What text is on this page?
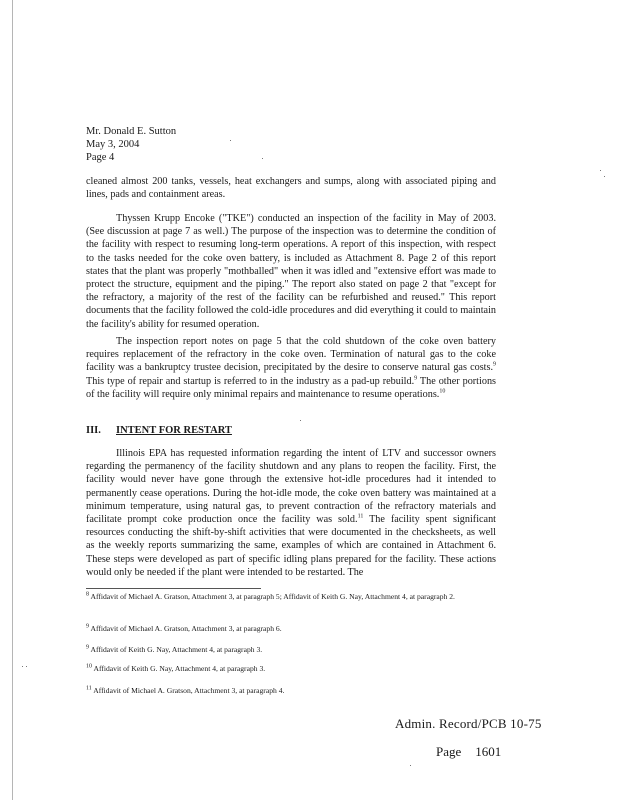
Mr. Donald E. Sutton
May 3, 2004
Page 4
cleaned almost 200 tanks, vessels, heat exchangers and sumps, along with associated piping and lines, pads and containment areas.
Thyssen Krupp Encoke ("TKE") conducted an inspection of the facility in May of 2003. (See discussion at page 7 as well.) The purpose of the inspection was to determine the condition of the facility with respect to resuming long-term operations. A report of this inspection, with respect to the tasks needed for the coke oven battery, is included as Attachment 8. Page 2 of this report states that the plant was properly "mothballed" when it was idled and "extensive effort was made to protect the structure, equipment and the piping." The report also stated on page 2 that "except for the refractory, a majority of the rest of the facility can be refurbished and reused." This report documents that the facility followed the cold-idle procedures and did everything it could to maintain the facility's ability for resumed operation.
The inspection report notes on page 5 that the cold shutdown of the coke oven battery requires replacement of the refractory in the coke oven. Termination of natural gas to the coke facility was a bankruptcy trustee decision, precipitated by the desire to conserve natural gas costs.$^9$ This type of repair and startup is referred to in the industry as a pad-up rebuild.$^9$ The other portions of the facility will require only minimal repairs and maintenance to resume operations.$^{10}$
III. INTENT FOR RESTART
Illinois EPA has requested information regarding the intent of LTV and successor owners regarding the permanency of the facility shutdown and any plans to reopen the facility. First, the facility would never have gone through the extensive hot-idle procedures had it intended to permanently cease operations. During the hot-idle mode, the coke oven battery was maintained at a minimum temperature, using natural gas, to prevent contraction of the refractory materials and facilitate prompt coke production once the facility was sold.$^{11}$ The facility spent significant resources conducting the shift-by-shift activities that were documented in the checksheets, as well as the weekly reports summarizing the same, examples of which are contained in Attachment 6. These steps were developed as part of specific idling plans prepared for the facility. These actions would only be needed if the plant were intended to be restarted. The
$^8$ Affidavit of Michael A. Gratson, Attachment 3, at paragraph 5; Affidavit of Keith G. Nay, Attachment 4, at paragraph 2.
$^9$ Affidavit of Michael A. Gratson, Attachment 3, at paragraph 6.
$^9$ Affidavit of Keith G. Nay, Attachment 4, at paragraph 3.
$^{10}$ Affidavit of Keith G. Nay, Attachment 4, at paragraph 3.
$^{11}$ Affidavit of Michael A. Gratson, Attachment 3, at paragraph 4.
Admin. Record/PCB 10-75
Page 1601
